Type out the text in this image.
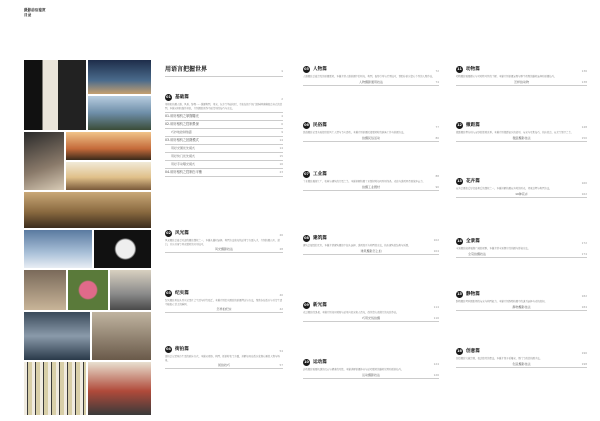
摄影前沿鉴赏
目录
用语言把握世界	1
01 基础篇	2
用相机拍摄人像、风景、静物……掌握构图、用光、色彩等基础知识，才能在按下快门的瞬间准确表达自己的意图。本篇从相机操作讲起，介绍摄影创作中最常用的技巧与方法。
01.用好相机之掌握曝光	4
02.用好相机之控制景深	6
巧妙地控制焦距	9
03.用好相机之拍摄模式	14
用好光圈优先模式	14
用好快门优先模式	15
用好手动曝光模式	16
04.用好相机之控制白平衡	23
02 风光篇	26
风光摄影是最受欢迎的摄影题材之一。本篇从器材选择、构图方法和光线运用等方面入手，介绍拍摄山川、湖泊、日出日落等风光题材的实用技巧。
风光摄影技法	28
03 纪实篇	40
纪实摄影用镜头真实记录社会生活与时代变迁。本篇介绍纪实摄影的拍摄理念与方法，帮助你在街头与日常生活中捕捉有意义的瞬间。
怎样拍纪实	42
04 街拍篇	54
街拍是记录城市生活的绝佳方式。本篇从观察、构图、抓拍时机等方面，讲解如何在街头发现有趣的人物与场景。
街拍技巧	57
05 人物篇	72
人像摄影是最常见的拍摄题材。本篇介绍人像拍摄中的用光、构图、姿势引导与后期技巧，帮助你拍出富有个性的人物作品。
人物摄影通用技法	74
06 民俗篇	77
民俗摄影记录各地独特的风土人情与节庆活动。本篇介绍拍摄民俗题材时的准备工作与拍摄方法。
拍摄民俗活动	80
07 工业篇	88
工业摄影展现工厂、机械与建筑的力量之美。本篇讲解拍摄工业题材时如何利用线条、光影与透视营造视觉冲击力。
拍摄工业题材	90
08 建筑篇	102
建筑是凝固的艺术。本篇介绍建筑摄影中镜头选择、透视校正与构图的方法，拍出建筑的结构与质感。
建筑摄影怎么拍	104
09 新光篇	114
光是摄影的灵魂。本篇介绍如何观察与运用自然光和人造光，创作富有表现力的光影作品。
巧用光线拍摄	116
10 运动篇	124
运动摄影需要快速的反应与精准的对焦。本篇讲解拍摄体育与运动题材的器材设置和抓拍技巧。
运动摄影技法	126
11 动物篇	136
动物摄影需要耐心与对动物习性的了解。本篇介绍拍摄宠物与野生动物的器材选择和拍摄技巧。
怎样拍动物	138
12 微距篇	148
微距摄影带你进入奇妙的微观世界。本篇介绍微距镜头的使用、布光与对焦技巧，拍出昆虫、花朵等细节之美。
微距摄影技法	150
13 花卉篇	160
花卉是摄影爱好者最喜爱的题材之一。本篇讲解拍摄花卉时的用光、背景处理与构图方法。
10种花卉	162
14 全景篇	172
全景摄影能够展现广阔的视野。本篇介绍全景照片的拍摄与拼接方法。
全景拍摄技法	174
15 静物篇	182
静物摄影考验摄影师的布光与构图能力。本篇介绍静物拍摄中的道具选择与光线控制。
静物摄影技法	184
16 创意篇	196
创意摄影突破常规，表达独特的想法。本篇介绍多重曝光、慢门等创意拍摄手法。
创意摄影技法	198
